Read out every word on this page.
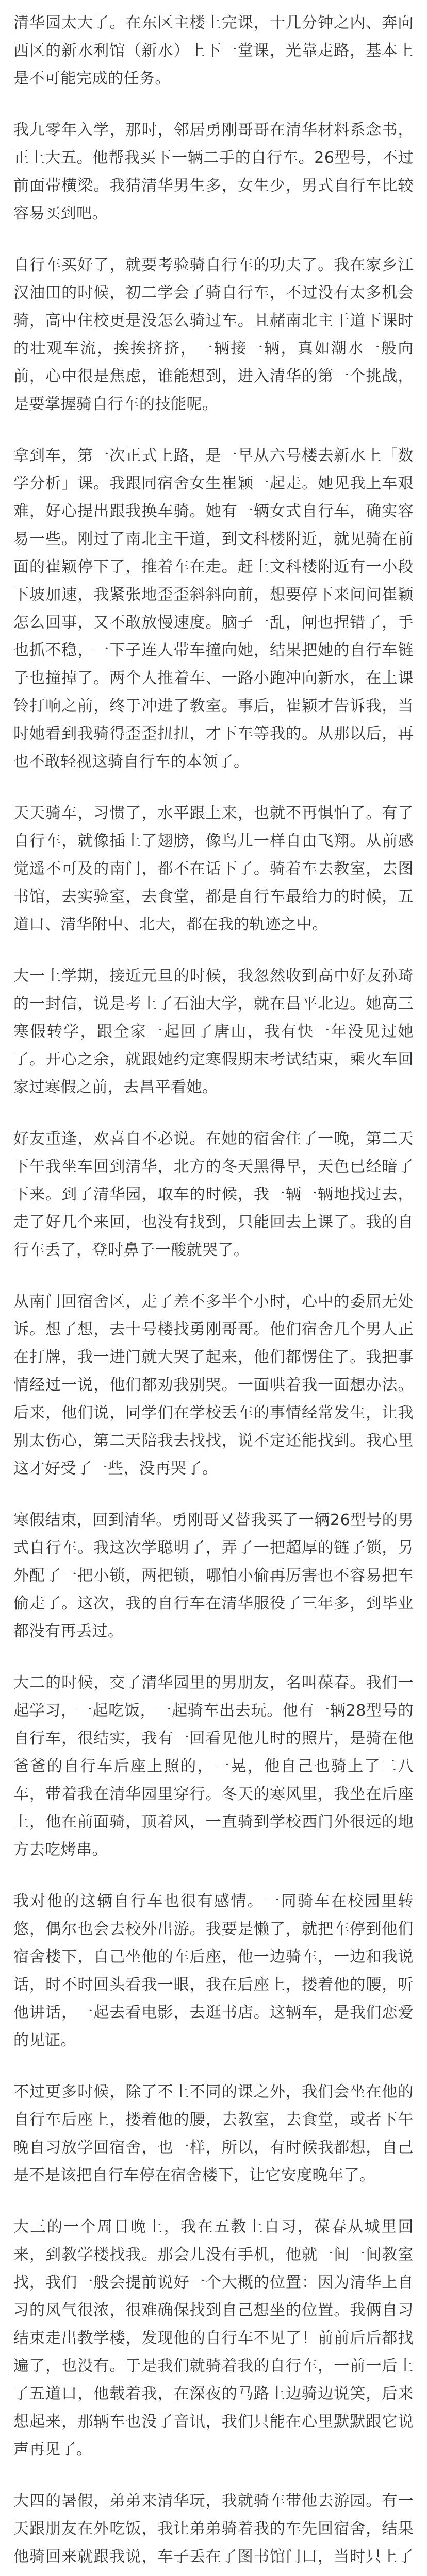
清华园太大了。在东区主楼上完课，十几分钟之内、奔向西区的新水利馆（新水）上下一堂课，光靠走路，基本上是不可能完成的任务。

我九零年入学，那时，邻居勇刚哥哥在清华材料系念书，正上大五。他帮我买下一辆二手的自行车。26型号，不过前面带横梁。我猜清华男生多，女生少，男式自行车比较容易买到吧。

自行车买好了，就要考验骑自行车的功夫了。我在家乡江汉油田的时候，初二学会了骑自行车，不过没有太多机会骑，高中住校更是没怎么骑过车。且赭南北主干道下课时的壮观车流，挨挨挤挤，一辆接一辆，真如潮水一般向前，心中很是焦虑，谁能想到，进入清华的第一个挑战，是要掌握骑自行车的技能呢。

拿到车，第一次正式上路，是一早从六号楼去新水上「数学分析」课。我跟同宿舍女生崔颖一起走。她见我上车艰难，好心提出跟我换车骑。她有一辆女式自行车，确实容易一些。刚过了南北主干道，到文科楼附近，就见骑在前面的崔颖停下了，推着车在走。赶上文科楼附近有一小段下坡加速，我紧张地歪歪斜斜向前，想要停下来问问崔颖怎么回事，又不敢放慢速度。脑子一乱，闸也捏错了，手也抓不稳，一下子连人带车撞向她，结果把她的自行车链子也撞掉了。两个人推着车、一路小跑冲向新水，在上课铃打响之前，终于冲进了教室。事后，崔颖才告诉我，当时她看到我骑得歪歪扭扭，才下车等我的。从那以后，再也不敢轻视这骑自行车的本领了。

天天骑车，习惯了，水平跟上来，也就不再惧怕了。有了自行车，就像插上了翅膀，像鸟儿一样自由飞翔。从前感觉遥不可及的南门，都不在话下了。骑着车去教室，去图书馆，去实验室，去食堂，都是自行车最给力的时候，五道口、清华附中、北大，都在我的轨迹之中。

大一上学期，接近元旦的时候，我忽然收到高中好友孙琦的一封信，说是考上了石油大学，就在昌平北边。她高三寒假转学，跟全家一起回了唐山，我有快一年没见过她了。开心之余，就跟她约定寒假期末考试结束，乘火车回家过寒假之前，去昌平看她。

好友重逢，欢喜自不必说。在她的宿舍住了一晚，第二天下午我坐车回到清华，北方的冬天黑得早，天色已经暗了下来。到了清华园，取车的时候，我一辆一辆地找过去，走了好几个来回，也没有找到，只能回去上课了。我的自行车丢了，登时鼻子一酸就哭了。

从南门回宿舍区，走了差不多半个小时，心中的委屈无处诉。想了想，去十号楼找勇刚哥哥。他们宿舍几个男人正在打牌，我一进门就大哭了起来，他们都愣住了。我把事情经过一说，他们都劝我别哭。一面哄着我一面想办法。后来，他们说，同学们在学校丢车的事情经常发生，让我别太伤心，第二天陪我去找找，说不定还能找到。我心里这才好受了一些，没再哭了。

寒假结束，回到清华。勇刚哥又替我买了一辆26型号的男式自行车。我这次学聪明了，弄了一把超厚的链子锁，另外配了一把小锁，两把锁，哪怕小偷再厉害也不容易把车偷走了。这次，我的自行车在清华服役了三年多，到毕业都没有再丢过。

大二的时候，交了清华园里的男朋友，名叫葆春。我们一起学习，一起吃饭，一起骑车出去玩。他有一辆28型号的自行车，很结实，我有一回看见他儿时的照片，是骑在他爸爸的自行车后座上照的，一晃，他自己也骑上了二八车，带着我在清华园里穿行。冬天的寒风里，我坐在后座上，他在前面骑，顶着风，一直骑到学校西门外很远的地方去吃烤串。

我对他的这辆自行车也很有感情。一同骑车在校园里转悠，偶尔也会去校外出游。我要是懒了，就把车停到他们宿舍楼下，自己坐他的车后座，他一边骑车，一边和我说话，时不时回头看我一眼，我在后座上，搂着他的腰，听他讲话，一起去看电影，去逛书店。这辆车，是我们恋爱的见证。

不过更多时候，除了不上不同的课之外，我们会坐在他的自行车后座上，搂着他的腰，去教室，去食堂，或者下午晚自习放学回宿舍，也一样，所以，有时候我都想，自己是不是该把自行车停在宿舍楼下，让它安度晚年了。

大三的一个周日晚上，我在五教上自习，葆春从城里回来，到教学楼找我。那会儿没有手机，他就一间一间教室找，我们一般会提前说好一个大概的位置：因为清华上自习的风气很浓，很难确保找到自己想坐的位置。我俩自习结束走出教学楼，发现他的自行车不见了！前前后后都找遍了，也没有。于是我们就骑着我的自行车，一前一后上了五道口，他载着我，在深夜的马路上边骑边说笑，后来想起来，那辆车也没了音讯，我们只能在心里默默跟它说声再见了。

大四的暑假，弟弟来清华玩，我就骑车带他去游园。有一天跟朋友在外吃饭，我让弟弟骑着我的车先回宿舍，结果他骑回来就跟我说，车子丢在了图书馆门口，当时只上了
